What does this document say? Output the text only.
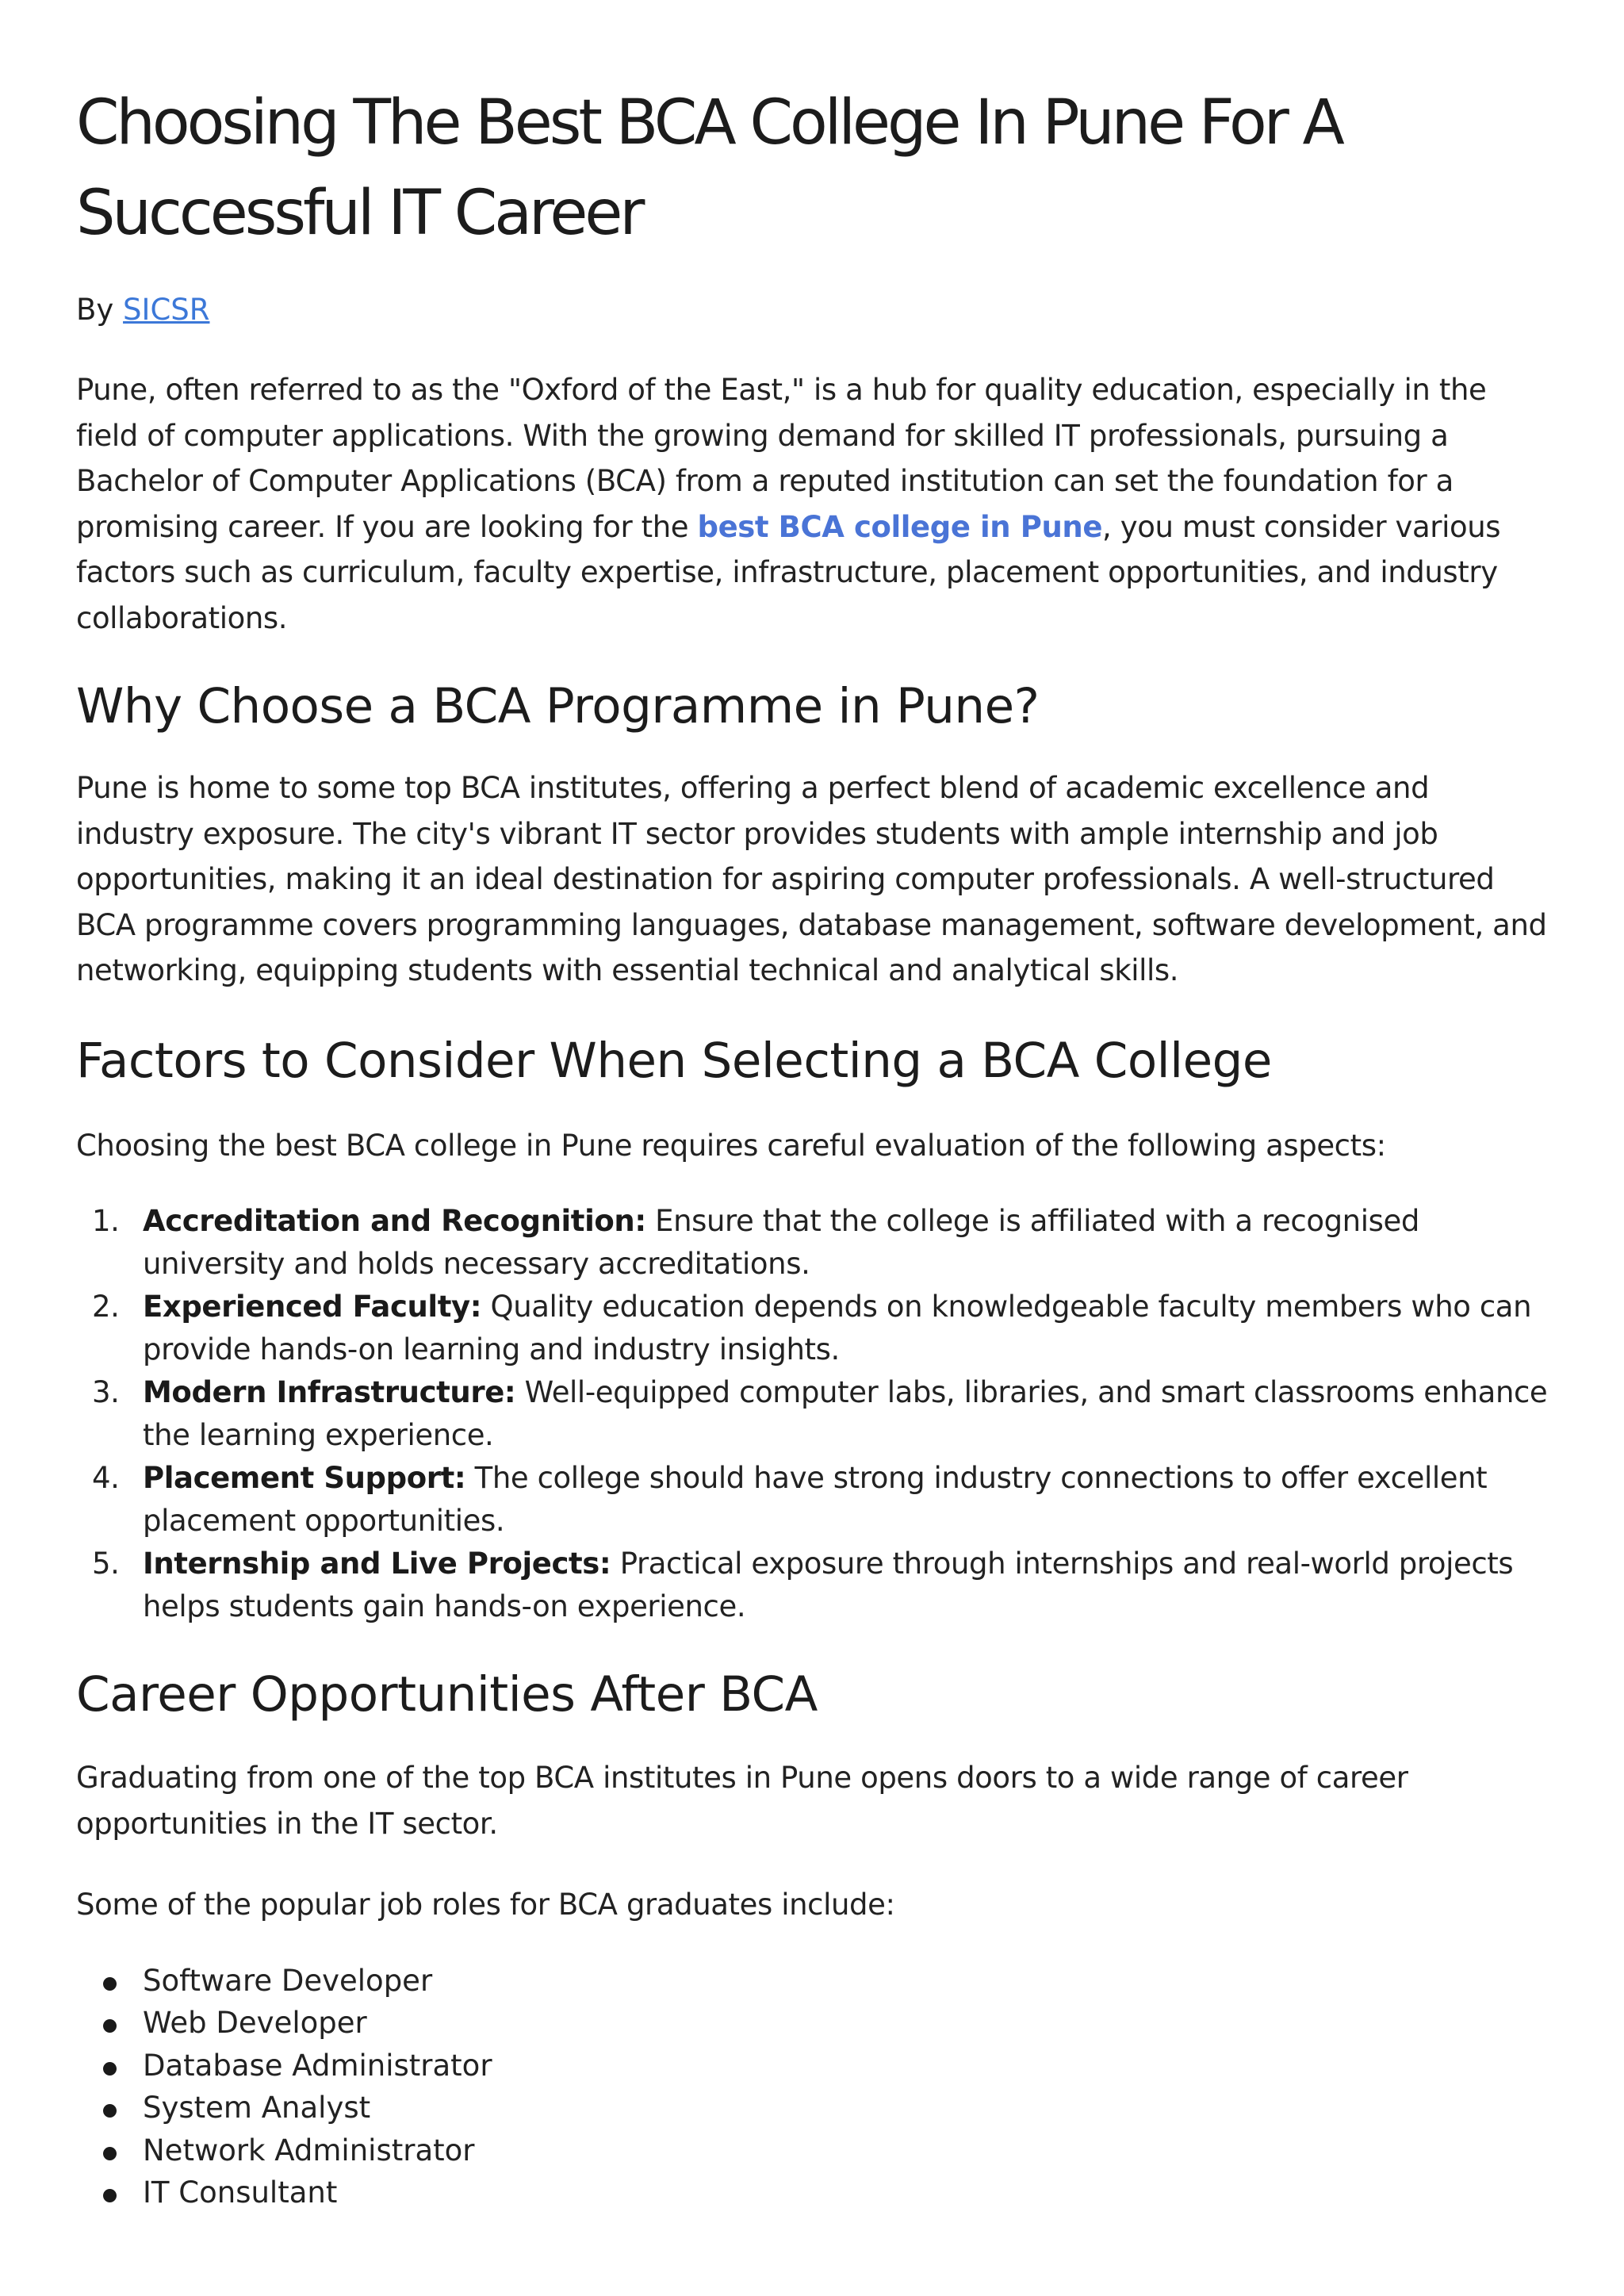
Choosing The Best BCA College In Pune For A Successful IT Career
By SICSR

Pune, often referred to as the "Oxford of the East," is a hub for quality education, especially in the field of computer applications. With the growing demand for skilled IT professionals, pursuing a Bachelor of Computer Applications (BCA) from a reputed institution can set the foundation for a promising career. If you are looking for the best BCA college in Pune, you must consider various factors such as curriculum, faculty expertise, infrastructure, placement opportunities, and industry collaborations.

Why Choose a BCA Programme in Pune?

Pune is home to some top BCA institutes, offering a perfect blend of academic excellence and industry exposure. The city's vibrant IT sector provides students with ample internship and job opportunities, making it an ideal destination for aspiring computer professionals. A well-structured BCA programme covers programming languages, database management, software development, and networking, equipping students with essential technical and analytical skills.

Factors to Consider When Selecting a BCA College

Choosing the best BCA college in Pune requires careful evaluation of the following aspects:

1. Accreditation and Recognition: Ensure that the college is affiliated with a recognised university and holds necessary accreditations.
2. Experienced Faculty: Quality education depends on knowledgeable faculty members who can provide hands-on learning and industry insights.
3. Modern Infrastructure: Well-equipped computer labs, libraries, and smart classrooms enhance the learning experience.
4. Placement Support: The college should have strong industry connections to offer excellent placement opportunities.
5. Internship and Live Projects: Practical exposure through internships and real-world projects helps students gain hands-on experience.
Career Opportunities After BCA

Graduating from one of the top BCA institutes in Pune opens doors to a wide range of career opportunities in the IT sector.

Some of the popular job roles for BCA graduates include:

Software Developer
Web Developer
Database Administrator
System Analyst
Network Administrator
IT Consultant
